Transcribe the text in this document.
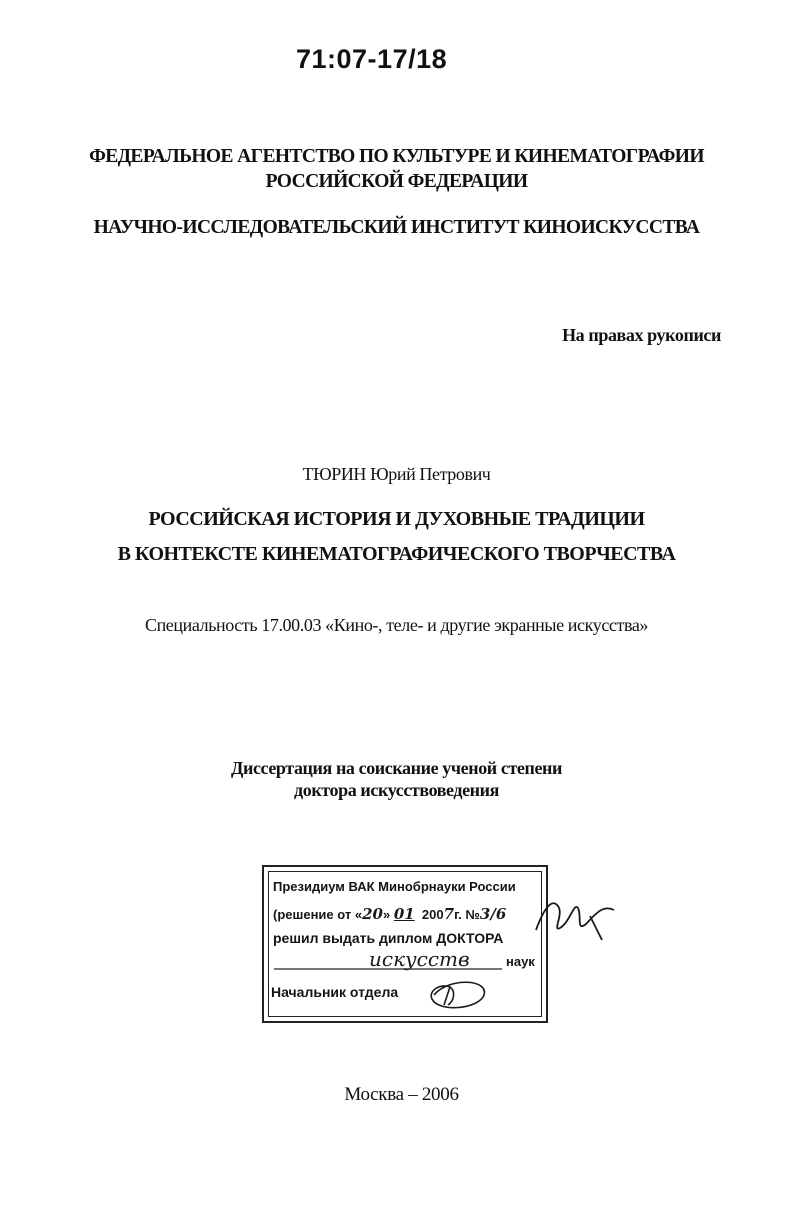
71:07-17/18
ФЕДЕРАЛЬНОЕ АГЕНТСТВО ПО КУЛЬТУРЕ И КИНЕМАТОГРАФИИ
РОССИЙСКОЙ ФЕДЕРАЦИИ
НАУЧНО-ИССЛЕДОВАТЕЛЬСКИЙ ИНСТИТУТ КИНОИСКУССТВА
На правах рукописи
ТЮРИН Юрий Петрович
РОССИЙСКАЯ ИСТОРИЯ И ДУХОВНЫЕ ТРАДИЦИИ
В КОНТЕКСТЕ КИНЕМАТОГРАФИЧЕСКОГО ТВОРЧЕСТВА
Специальность 17.00.03 «Кино-, теле- и другие экранные искусства»
Диссертация на соискание ученой степени
доктора искусствоведения
Президиум ВАК Минобрнауки России
(решение от «20» 01 2007г. №3/6
решил выдать диплом ДОКТОРА
искусств	наук
Начальник отдела
Москва – 2006
